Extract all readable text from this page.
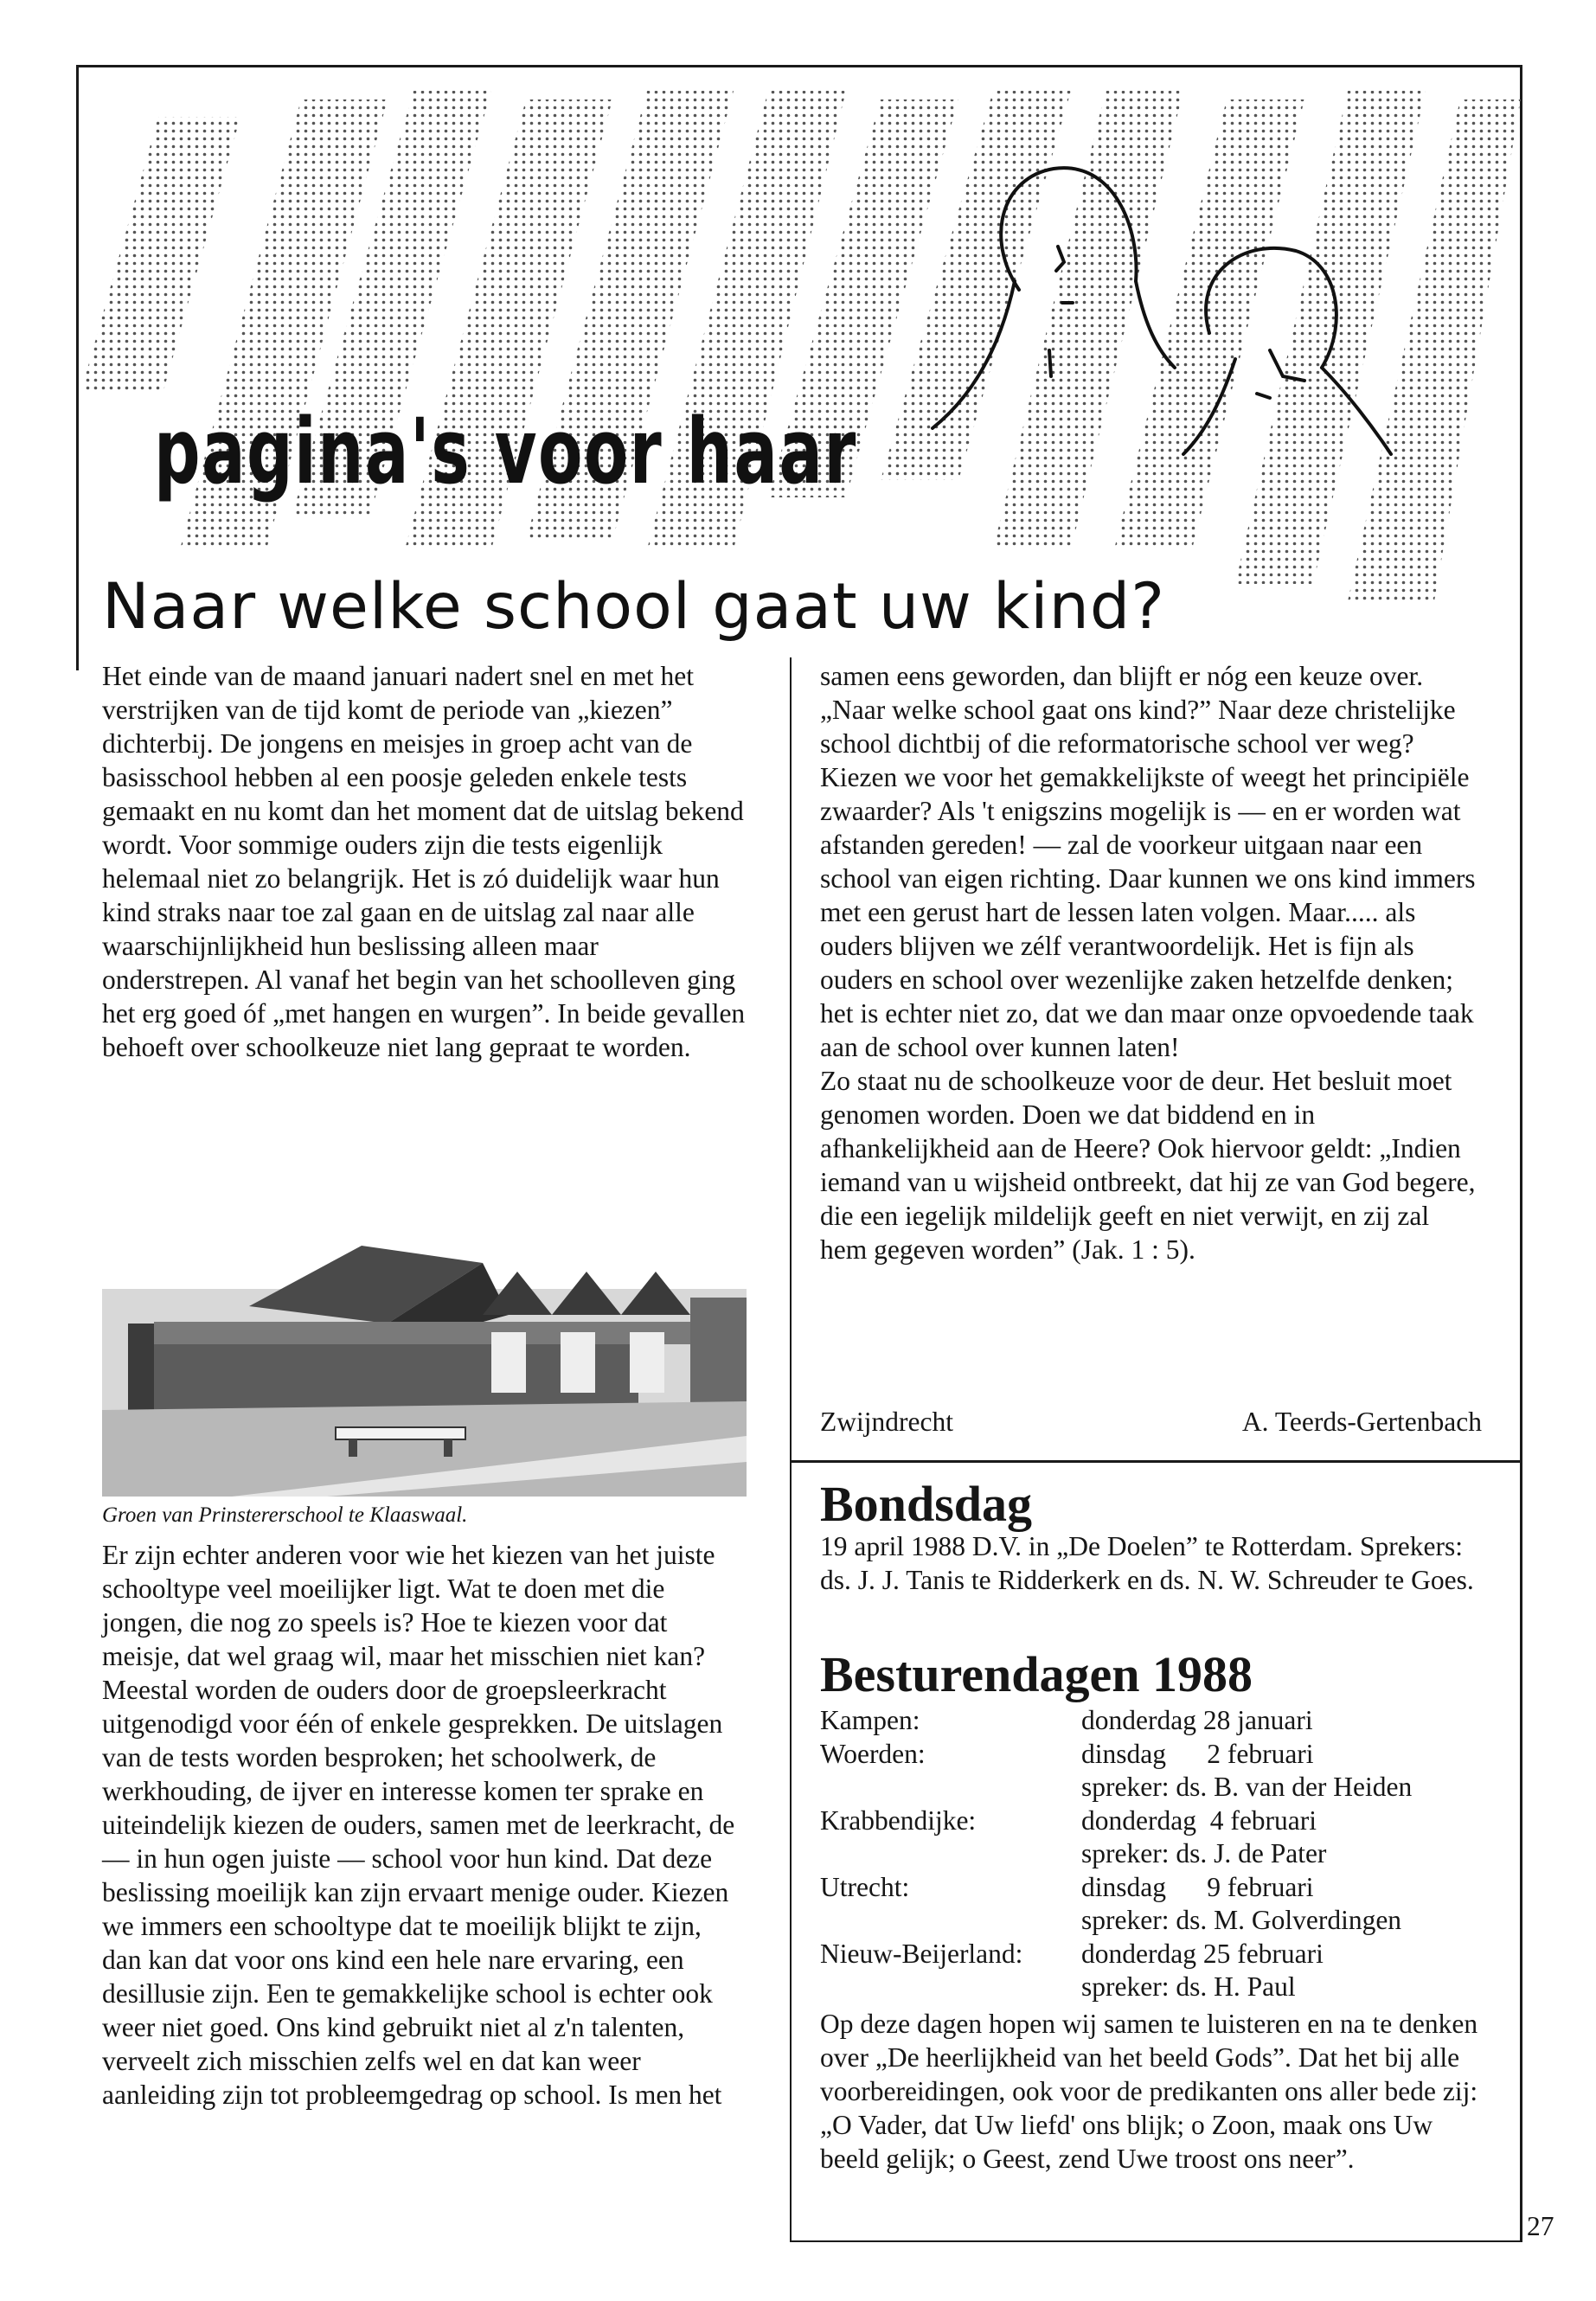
pagina's voor haar
Naar welke school gaat uw kind?

Het einde van de maand januari nadert snel en met het verstrijken van de tijd komt de periode van „kiezen” dichterbij. De jongens en meisjes in groep acht van de basisschool hebben al een poosje geleden enkele tests gemaakt en nu komt dan het moment dat de uitslag bekend wordt. Voor sommige ouders zijn die tests eigenlijk helemaal niet zo belangrijk. Het is zó duidelijk waar hun kind straks naar toe zal gaan en de uitslag zal naar alle waarschijnlijkheid hun beslissing alleen maar onderstrepen. Al vanaf het begin van het schoolleven ging het erg goed óf „met hangen en wurgen”. In beide gevallen behoeft over schoolkeuze niet lang gepraat te worden.

Groen van Prinstererschool te Klaaswaal.

Er zijn echter anderen voor wie het kiezen van het juiste schooltype veel moeilijker ligt. Wat te doen met die jongen, die nog zo speels is? Hoe te kiezen voor dat meisje, dat wel graag wil, maar het misschien niet kan? Meestal worden de ouders door de groepsleerkracht uitgenodigd voor één of enkele gesprekken. De uitslagen van de tests worden besproken; het schoolwerk, de werkhouding, de ijver en interesse komen ter sprake en uiteindelijk kiezen de ouders, samen met de leerkracht, de — in hun ogen juiste — school voor hun kind. Dat deze beslissing moeilijk kan zijn ervaart menige ouder. Kiezen we immers een schooltype dat te moeilijk blijkt te zijn, dan kan dat voor ons kind een hele nare ervaring, een desillusie zijn. Een te gemakkelijke school is echter ook weer niet goed. Ons kind gebruikt niet al z'n talenten, verveelt zich misschien zelfs wel en dat kan weer aanleiding zijn tot probleemgedrag op school. Is men het

samen eens geworden, dan blijft er nóg een keuze over. „Naar welke school gaat ons kind?” Naar deze christelijke school dichtbij of die reformatorische school ver weg? Kiezen we voor het gemakkelijkste of weegt het principiële zwaarder? Als 't enigszins mogelijk is — en er worden wat afstanden gereden! — zal de voorkeur uitgaan naar een school van eigen richting. Daar kunnen we ons kind immers met een gerust hart de lessen laten volgen. Maar..... als ouders blijven we zélf verantwoordelijk. Het is fijn als ouders en school over wezenlijke zaken hetzelfde denken; het is echter niet zo, dat we dan maar onze opvoedende taak aan de school over kunnen laten!

Zo staat nu de schoolkeuze voor de deur. Het besluit moet genomen worden. Doen we dat biddend en in afhankelijkheid aan de Heere? Ook hiervoor geldt: „Indien iemand van u wijsheid ontbreekt, dat hij ze van God begere, die een iegelijk mildelijk geeft en niet verwijt, en zij zal hem gegeven worden” (Jak. 1 : 5).

Zwijndrecht	A. Teerds-Gertenbach
Bondsdag
19 april 1988 D.V. in „De Doelen” te Rotterdam. Sprekers: ds. J. J. Tanis te Ridderkerk en ds. N. W. Schreuder te Goes.
Besturendagen 1988
Kampen:	donderdag 28 januari
Woerden:	dinsdag      2 februari
	spreker: ds. B. van der Heiden
Krabbendijke:	donderdag  4 februari
	spreker: ds. J. de Pater
Utrecht:	dinsdag      9 februari
	spreker: ds. M. Golverdingen
Nieuw-Beijerland:	donderdag 25 februari
	spreker: ds. H. Paul
Op deze dagen hopen wij samen te luisteren en na te denken over „De heerlijkheid van het beeld Gods”. Dat het bij alle voorbereidingen, ook voor de predikanten ons aller bede zij: „O Vader, dat Uw liefd' ons blijk; o Zoon, maak ons Uw beeld gelijk; o Geest, zend Uwe troost ons neer”.
27
